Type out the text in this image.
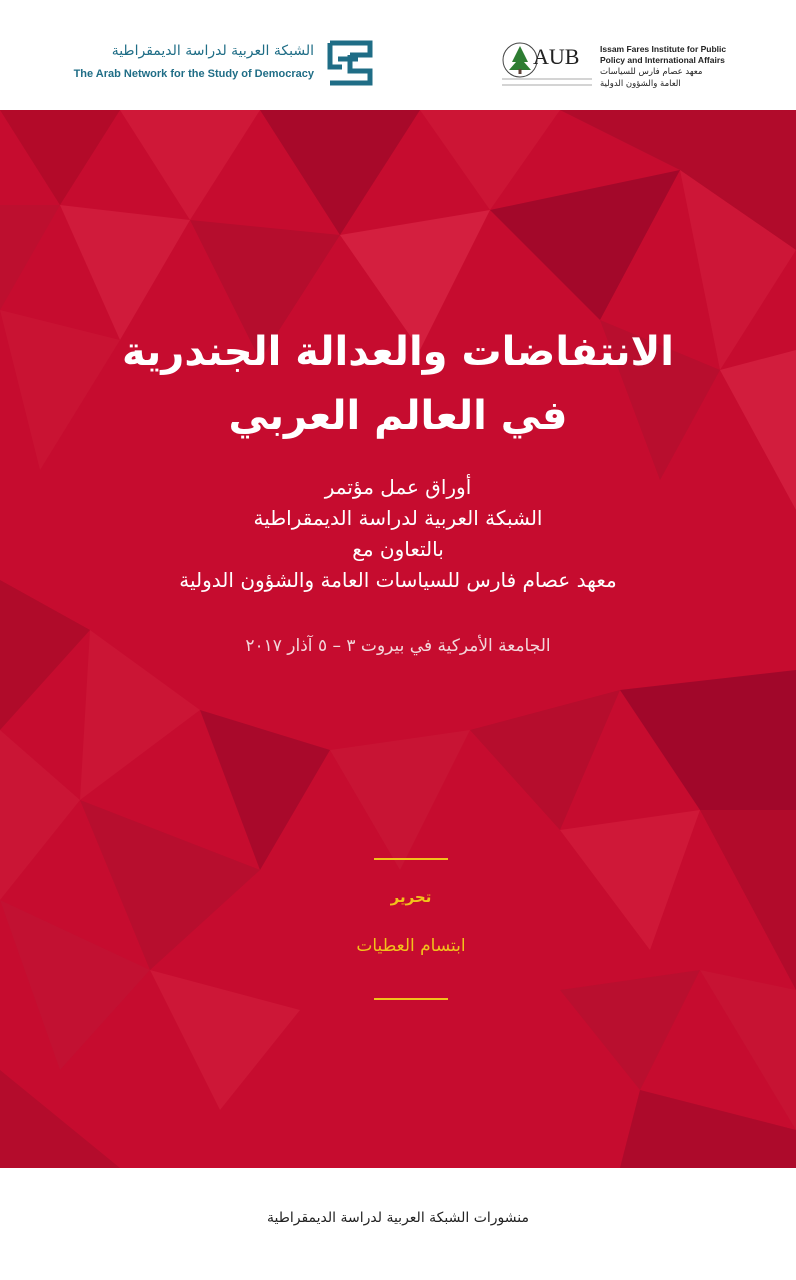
الشبكة العربية لدراسة الديمقراطية
The Arab Network for the Study of Democracy
AUB Issam Fares Institute for Public
Policy and International Affairs
معهد عصام فارس للسياسات
العامة والشؤون الدولية
الانتفاضات والعدالة الجندرية
في العالم العربي
أوراق عمل مؤتمر
الشبكة العربية لدراسة الديمقراطية
بالتعاون مع
معهد عصام فارس للسياسات العامة والشؤون الدولية
الجامعة الأمركية في بيروت ٣ – ٥ آذار ٢٠١٧
تحرير
ابتسام العطيات
منشورات الشبكة العربية لدراسة الديمقراطية
